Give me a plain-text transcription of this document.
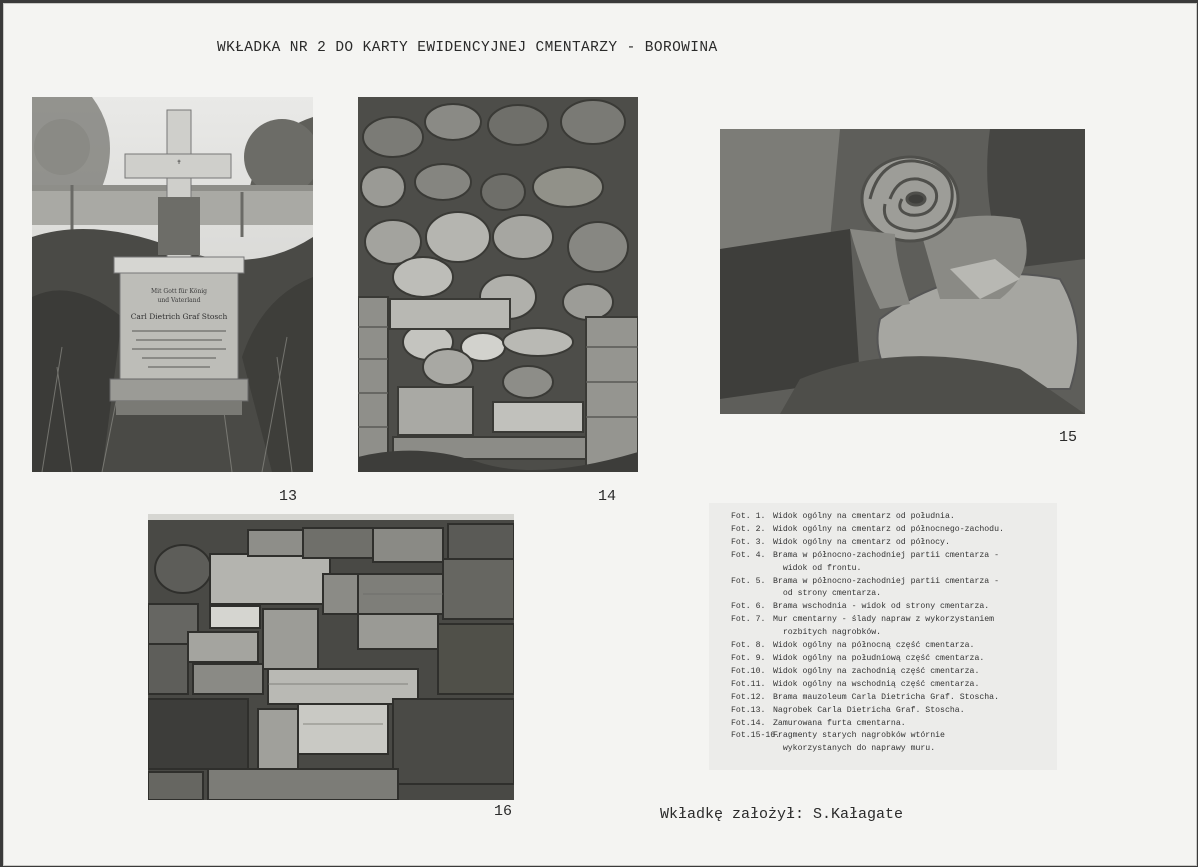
WKŁADKA NR 2 DO KARTY EWIDENCYJNEJ CMENTARZY - BOROWINA
✝
Mit Gott für König
und Vaterland
Carl Dietrich Graf Stosch
13	14
15
16
Fot. 1. Widok ogólny na cmentarz od południa.
Fot. 2. Widok ogólny na cmentarz od północnego-zachodu.
Fot. 3. Widok ogólny na cmentarz od północy.
Fot. 4. Brama w północno-zachodniej partii cmentarza -
widok od frontu.
Fot. 5. Brama w północno-zachodniej partii cmentarza -
od strony cmentarza.
Fot. 6. Brama wschodnia - widok od strony cmentarza.
Fot. 7. Mur cmentarny - ślady napraw z wykorzystaniem
rozbitych nagrobków.
Fot. 8. Widok ogólny na północną część cmentarza.
Fot. 9. Widok ogólny na południową część cmentarza.
Fot.10. Widok ogólny na zachodnią część cmentarza.
Fot.11. Widok ogólny na wschodnią część cmentarza.
Fot.12. Brama mauzoleum Carla Dietricha Graf. Stoscha.
Fot.13. Nagrobek Carla Dietricha Graf. Stoscha.
Fot.14. Zamurowana furta cmentarna.
Fot.15-16.
Fragmenty starych nagrobków wtórnie
wykorzystanych do naprawy muru.
Wkładkę założył: S.Kałagate
